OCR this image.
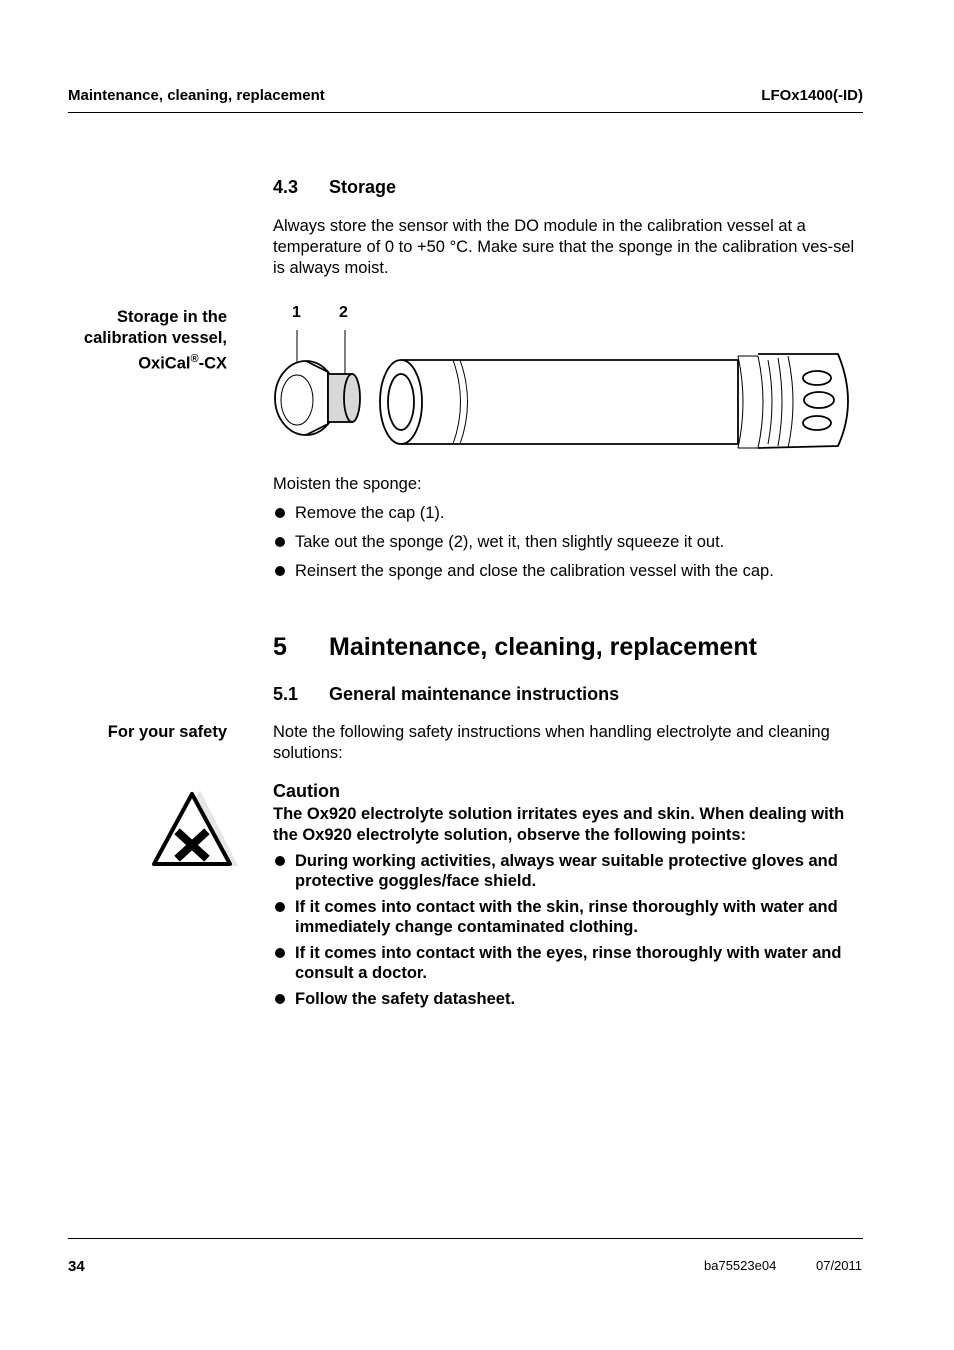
Maintenance, cleaning, replacement	LFOx1400(-ID)
4.3 Storage
Always store the sensor with the DO module in the calibration vessel at a temperature of 0 to +50 °C. Make sure that the sponge in the calibration ves-sel is always moist.
Storage in the
calibration vessel,
OxiCal®-CX
1 2
Moisten the sponge:
Remove the cap (1).
Take out the sponge (2), wet it, then slightly squeeze it out.
Reinsert the sponge and close the calibration vessel with the cap.
5 Maintenance, cleaning, replacement
5.1 General maintenance instructions
For your safety	Note the following safety instructions when handling electrolyte and cleaning solutions:
Caution
The Ox920 electrolyte solution irritates eyes and skin. When dealing with the Ox920 electrolyte solution, observe the following points:
During working activities, always wear suitable protective gloves and protective goggles/face shield.
If it comes into contact with the skin, rinse thoroughly with water and immediately change contaminated clothing.
If it comes into contact with the eyes, rinse thoroughly with water and consult a doctor.
Follow the safety datasheet.
34	ba75523e04	07/2011
